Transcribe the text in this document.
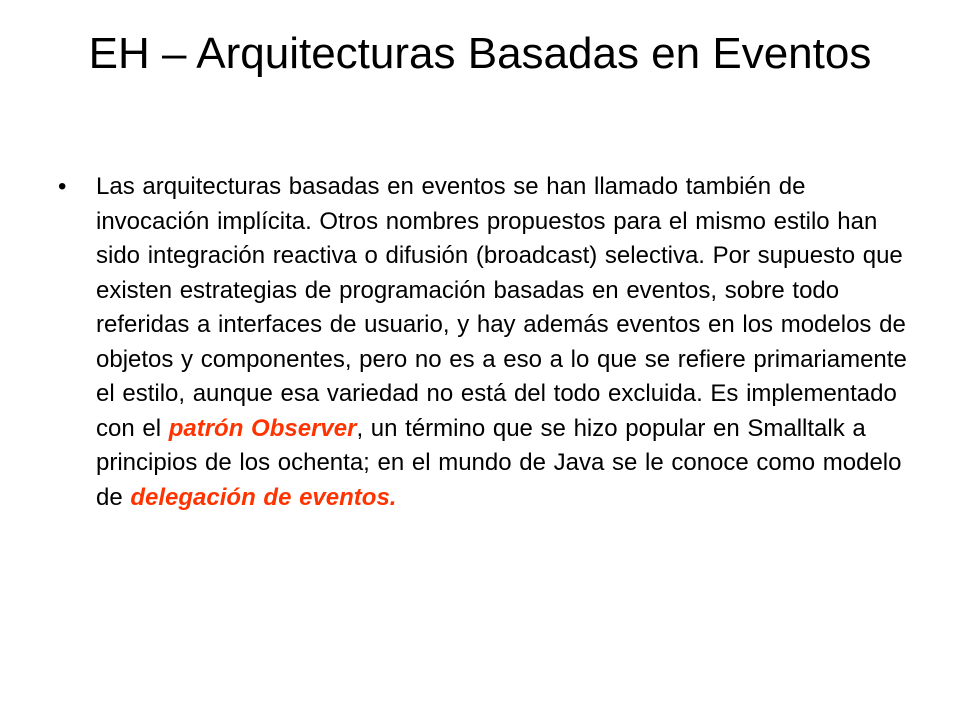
EH – Arquitecturas Basadas en Eventos
• Las arquitecturas basadas en eventos se han llamado también de invocación implícita. Otros nombres propuestos para el mismo estilo han sido integración reactiva o difusión (broadcast) selectiva. Por supuesto que existen estrategias de programación basadas en eventos, sobre todo referidas a interfaces de usuario, y hay además eventos en los modelos de objetos y componentes, pero no es a eso a lo que se refiere primariamente el estilo, aunque esa variedad no está del todo excluida. Es implementado con el patrón Observer, un término que se hizo popular en Smalltalk a principios de los ochenta; en el mundo de Java se le conoce como modelo de delegación de eventos.
